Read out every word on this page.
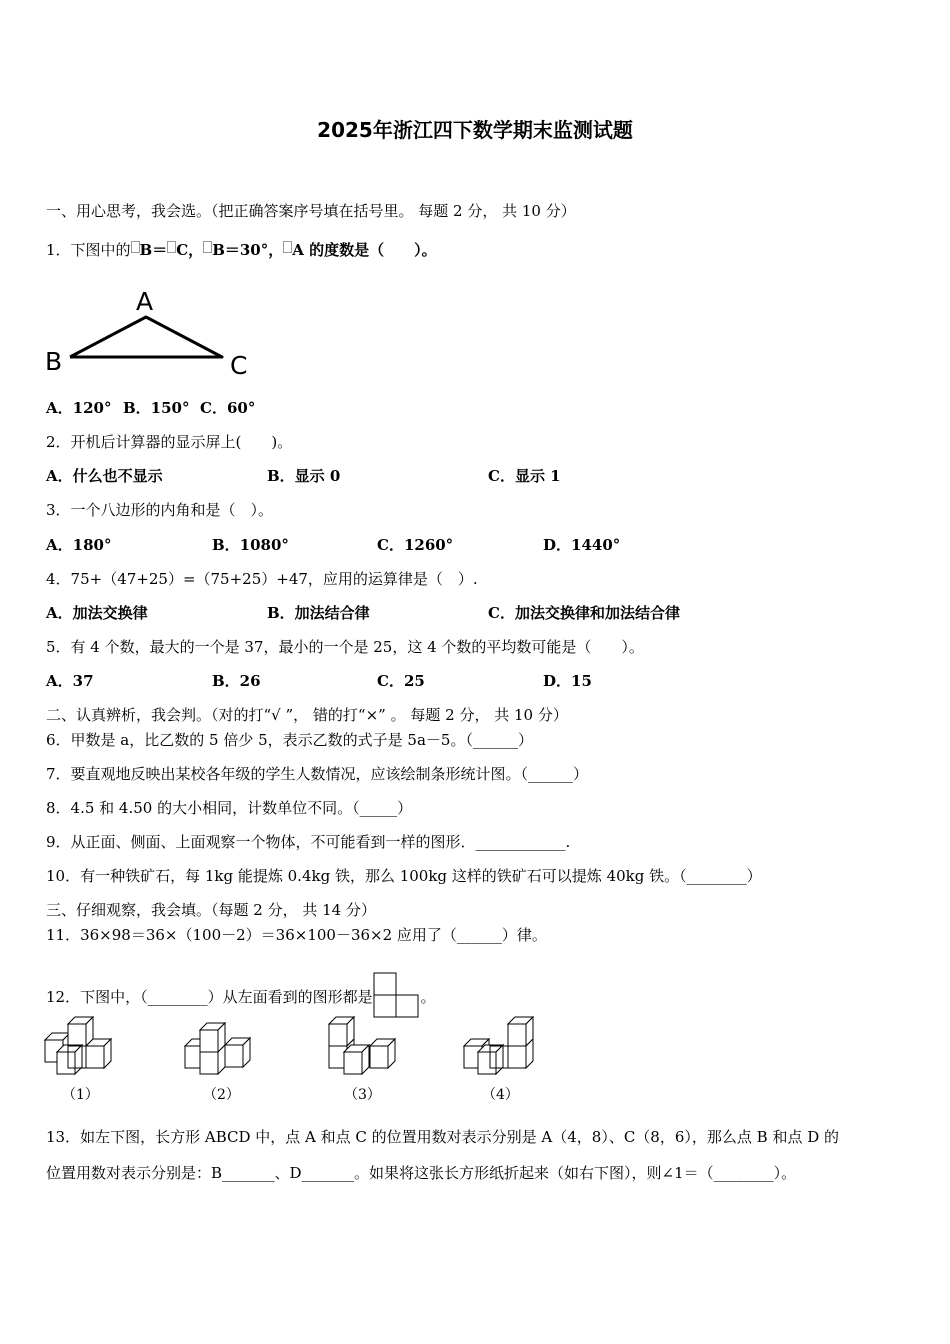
2025年浙江四下数学期末监测试题
一、用心思考，我会选。（把正确答案序号填在括号里。 每题 2 分， 共 10 分）
1．下图中的 B＝ C， B＝30°， A 的度数是（　　）。
A
B	C
A．120° B．150° C．60°
2．开机后计算器的显示屏上(　　)。
A．什么也不显示	B．显示 0	C．显示 1
3．一个八边形的内角和是（　）。
A．180°	B．1080°	C．1260°	D．1440°
4．75+（47+25）=（75+25）+47，应用的运算律是（　）.
A．加法交换律	B．加法结合律	C．加法交换律和加法结合律
5．有 4 个数，最大的一个是 37，最小的一个是 25，这 4 个数的平均数可能是（　　）。
A．37	B．26	C．25	D．15
二、认真辨析，我会判。（对的打“√ ”， 错的打“×” 。 每题 2 分， 共 10 分）
6．甲数是 a，比乙数的 5 倍少 5，表示乙数的式子是 5a－5。（______）
7．要直观地反映出某校各年级的学生人数情况，应该绘制条形统计图。（______）
8．4.5 和 4.50 的大小相同，计数单位不同。（_____）
9．从正面、侧面、上面观察一个物体，不可能看到一样的图形．____________.
10．有一种铁矿石，每 1kg 能提炼 0.4kg 铁，那么 100kg 这样的铁矿石可以提炼 40kg 铁。（________）
三、仔细观察，我会填。（每题 2 分， 共 14 分）
11．36×98＝36×（100－2）＝36×100－36×2 应用了（______）律。
12．下图中，（________）从左面看到的图形都是	。
（1）	（2）	（3）	（4）
13．如左下图，长方形 ABCD 中，点 A 和点 C 的位置用数对表示分别是 A（4，8）、C（8，6），那么点 B 和点 D 的
位置用数对表示分别是：B_______、D_______。如果将这张长方形纸折起来（如右下图），则∠1＝（________）。
